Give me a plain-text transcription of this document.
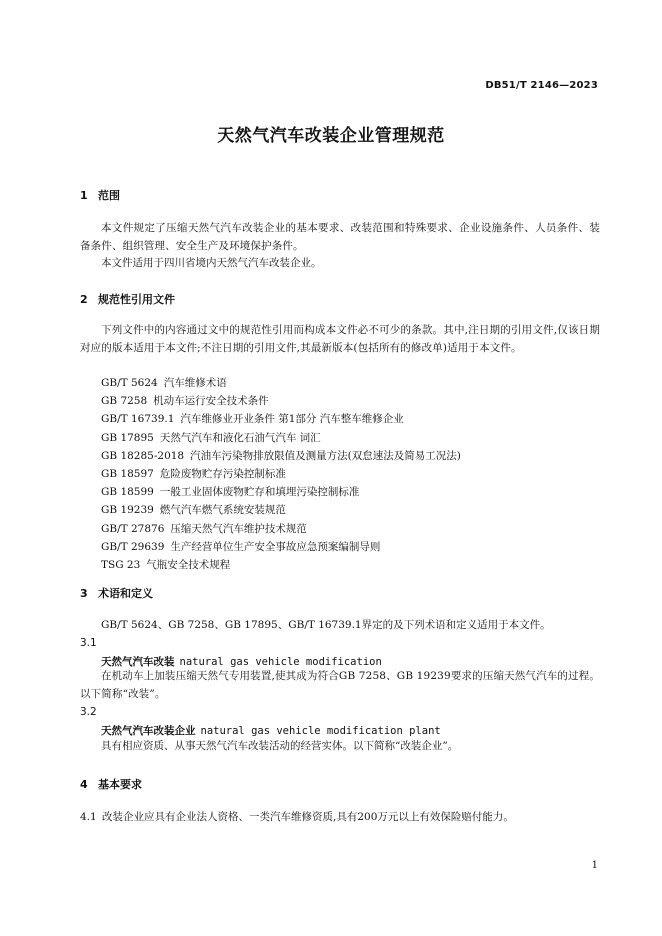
DB51/T 2146—2023
天然气汽车改装企业管理规范
1 范围
本文件规定了压缩天然气汽车改装企业的基本要求、改装范围和特殊要求、企业设施条件、人员条件、装备条件、组织管理、安全生产及环境保护条件。
本文件适用于四川省境内天然气汽车改装企业。
2 规范性引用文件
下列文件中的内容通过文中的规范性引用而构成本文件必不可少的条款。其中,注日期的引用文件,仅该日期对应的版本适用于本文件;不注日期的引用文件,其最新版本(包括所有的修改单)适用于本文件。
GB/T 5624 汽车维修术语
GB 7258 机动车运行安全技术条件
GB/T 16739.1 汽车维修业开业条件 第1部分 汽车整车维修企业
GB 17895 天然气汽车和液化石油气汽车 词汇
GB 18285-2018 汽油车污染物排放限值及测量方法(双怠速法及简易工况法)
GB 18597 危险废物贮存污染控制标准
GB 18599 一般工业固体废物贮存和填埋污染控制标准
GB 19239 燃气汽车燃气系统安装规范
GB/T 27876 压缩天然气汽车维护技术规范
GB/T 29639 生产经营单位生产安全事故应急预案编制导则
TSG 23 气瓶安全技术规程
3 术语和定义
GB/T 5624、GB 7258、GB 17895、GB/T 16739.1界定的及下列术语和定义适用于本文件。
3.1
天然气汽车改装 natural gas vehicle modification
在机动车上加装压缩天然气专用装置,使其成为符合GB 7258、GB 19239要求的压缩天然气汽车的过程。以下简称“改装”。
3.2
天然气汽车改装企业 natural gas vehicle modification plant
具有相应资质、从事天然气汽车改装活动的经营实体。以下简称“改装企业”。
4 基本要求
4.1 改装企业应具有企业法人资格、一类汽车维修资质,具有200万元以上有效保险赔付能力。
1
